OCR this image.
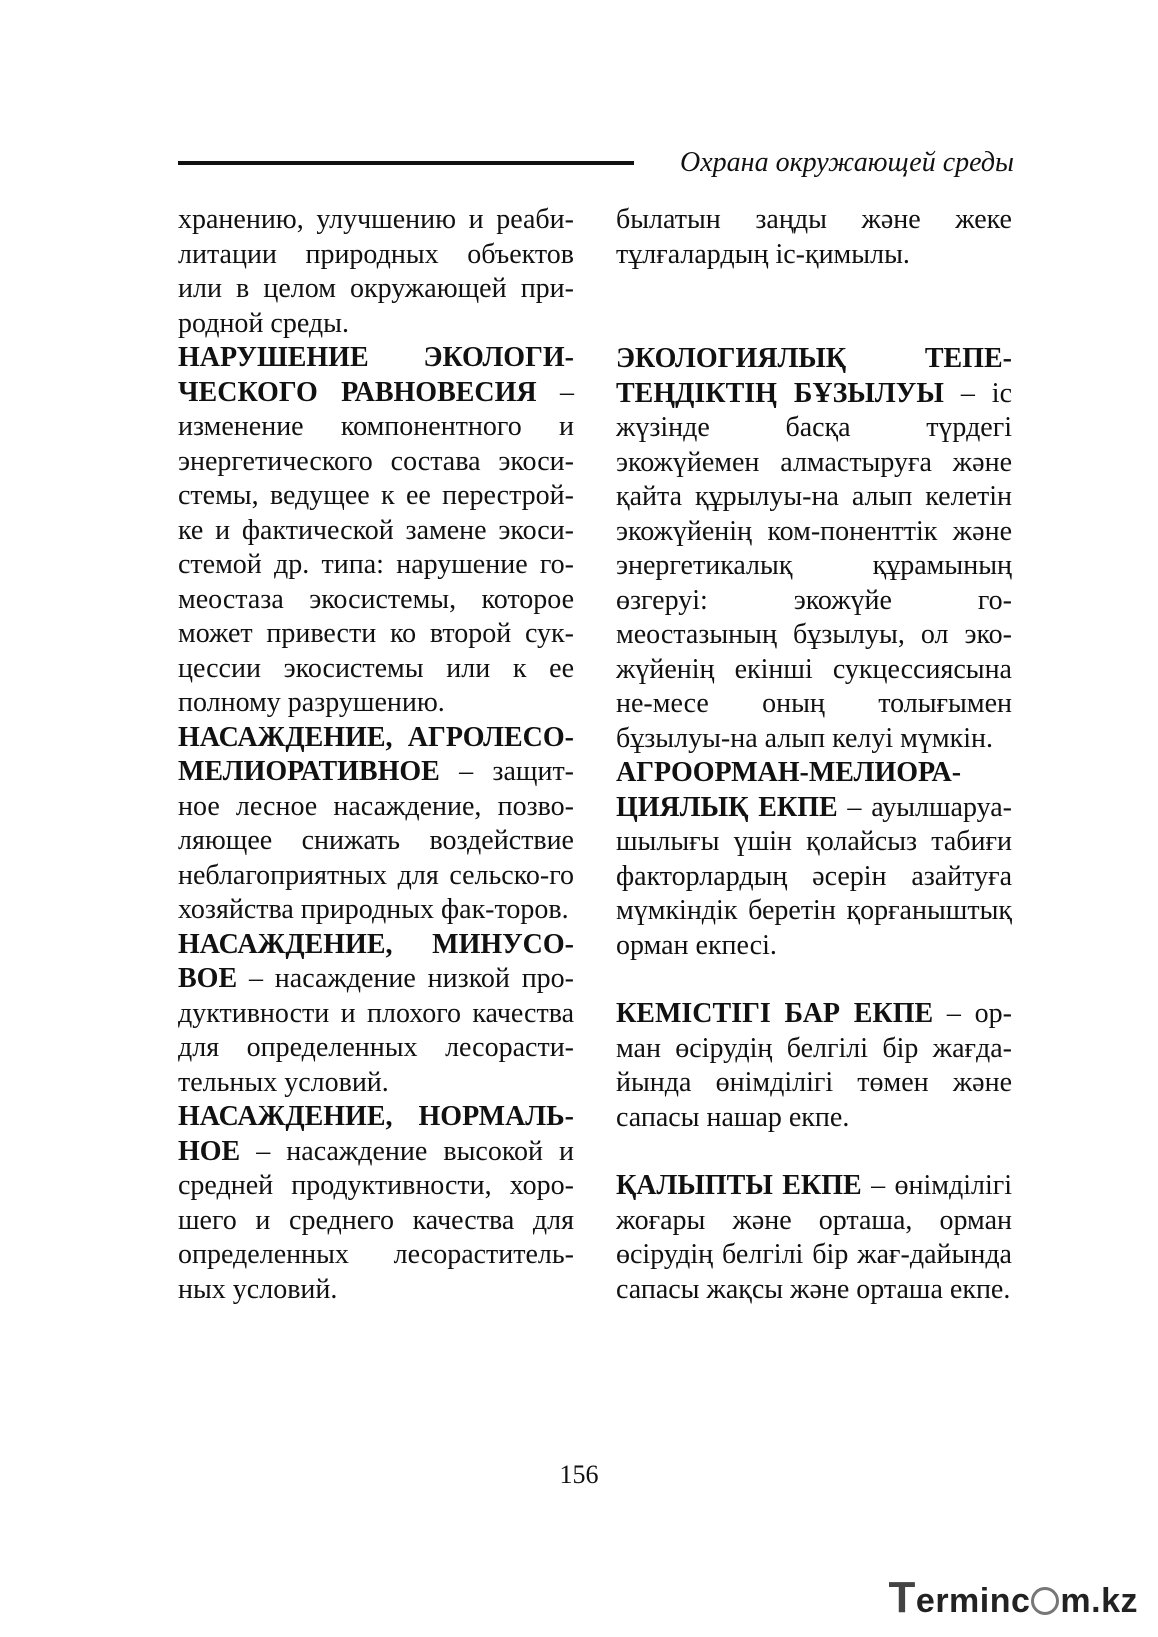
Охрана окружающей среды

хранению, улучшению и реаби-литации природных объектов или в целом окружающей при-родной среды.

НАРУШЕНИЕ ЭКОЛОГИ-ЧЕСКОГО РАВНОВЕСИЯ – изменение компонентного и энергетического состава экоси-стемы, ведущее к ее перестрой-ке и фактической замене экоси-стемой др. типа: нарушение го-меостаза экосистемы, которое может привести ко второй сук-цессии экосистемы или к ее полному разрушению.

НАСАЖДЕНИЕ, АГРОЛЕСО-МЕЛИОРАТИВНОЕ – защит-ное лесное насаждение, позво-ляющее снижать воздействие неблагоприятных для сельско-го хозяйства природных фак-торов.

НАСАЖДЕНИЕ, МИНУСО-ВОЕ – насаждение низкой про-дуктивности и плохого качества для определенных лесорасти-тельных условий.

НАСАЖДЕНИЕ, НОРМАЛЬ-НОЕ – насаждение высокой и средней продуктивности, хоро-шего и среднего качества для определенных лесораститель-ных условий.

былатын заңды және жеке тұлғалардың іс-қимылы.

ЭКОЛОГИЯЛЫҚ ТЕПЕ-ТЕҢДІКТІҢ БҰЗЫЛУЫ – іс жүзінде басқа түрдегі экожүйемен алмастыруға және қайта құрылуы-на алып келетін экожүйенің ком-поненттік және энергетикалық құрамының өзгеруі: экожүйе го-меостазының бұзылуы, ол эко-жүйенің екінші сукцессиясына не-месе оның толығымен бұзылуы-на алып келуі мүмкін.

АГРООРМАН-МЕЛИОРА-ЦИЯЛЫҚ ЕКПЕ – ауылшаруа-шылығы үшін қолайсыз табиғи факторлардың әсерін азайтуға мүмкіндік беретін қорғаныштық орман екпесі.

КЕМІСТІГІ БАР ЕКПЕ – ор-ман өсірудің белгілі бір жағда-йында өнімділігі төмен және сапасы нашар екпе.

ҚАЛЫПТЫ ЕКПЕ – өнімділігі жоғары және орташа, орман өсірудің белгілі бір жағ-дайында сапасы жақсы және орташа екпе.

156
Terminc m.kz
